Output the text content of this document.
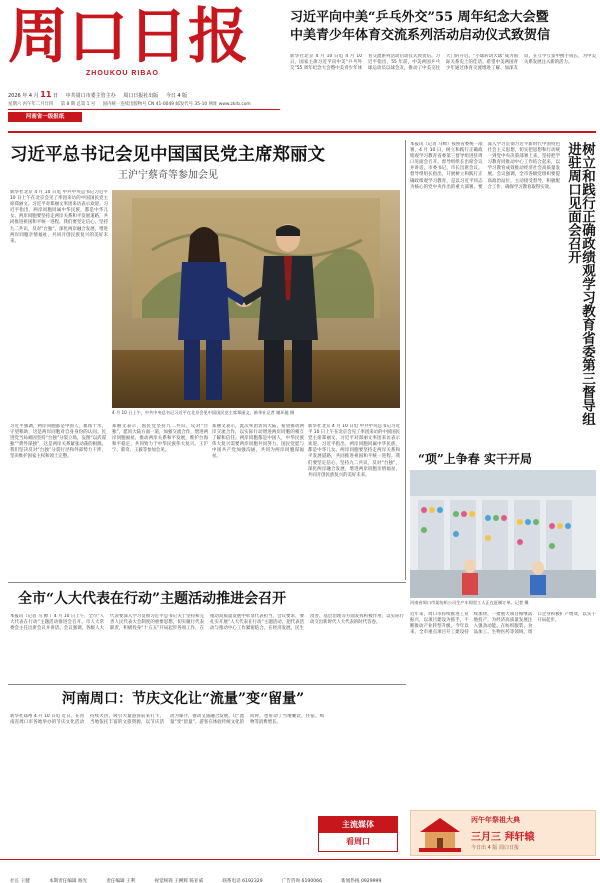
周口日报
ZHOUKOU RIBAO
2026 年 4 月 11 日 中共周口市委主管主办 周口日报社出版 今日 4 版
星期六 丙午年二月廿四 第 8 期 总第 1 号 国内统一连续出版物号 CN 41-0049 邮发代号 35-10 网址 www.zkrb.com
河南省一级报纸
习近平向中美“乒乓外交”55 周年纪念大会暨
中美青少年体育交流系列活动启动仪式致贺信
新华社北京 4 月 10 日电 4 月 10 日，国家主席习近平向中美“乒乓外交”55 周年纪念大会暨中美青少年体育交流系列活动启动仪式致贺信。习近平指出，55 年前，中美两国乒乓球运动员以球会友，推动了中美交往大门的开启。“小球转动大球”成为国际关系史上的佳话。希望中美两国青少年通过体育交流增进了解、加深友谊，在互学互鉴中携手成长，为中美关系发展注入新的活力。
习近平总书记会见中国国民党主席郑丽文
王沪宁蔡奇等参加会见
新华社北京 4 月 10 日电 中共中央总书记习近平 10 日上午在北京会见了率团来访的中国国民党主席郑丽文。习近平对郑丽文率团来访表示欢迎。习近平指出，两岸同胞同属中华民族，都是中华儿女。两岸同胞要坚持走两岸关系和平发展道路，共同推进祖国和平统一进程。我们要坚定信心，坚持九二共识，反对“台独”，深化两岸融合发展，增进两岸同胞亲情福祉，共同开创民族复兴的美好未来。
4 月 10 日上午，中共中央总书记习近平在北京会见中国国民党主席郑丽文。新华社记者 谢环驰 摄
习近平强调，两岸同胞都是中国人，血浓于水，守望相助，这是两岸同胞对自身身份的认同。民进党当局顽固坚持“台独”分裂立场，妄图“以武谋独”“倚外谋独”，这是两岸关系紧张动荡的根源。我们坚决反对“台独”分裂行径和外部势力干涉，坚决维护国家主权和领土完整。
郑丽文表示，国民党坚持九二共识、反对“台独”，愿同大陆方面一道，加强交流合作，增进两岸同胞福祉，推动两岸关系和平发展，维护台海和平稳定，共同致力于中华民族伟大复兴。王沪宁、蔡奇、王毅等参加会见。
郑丽文表示，此次率团访问大陆，希望推动两岸交流合作，以实际行动增进两岸同胞的相互了解和信任。两岸同胞都是中国人，中华民族伟大复兴需要两岸同胞共同努力。国民党愿与中国共产党加强沟通，共同为两岸同胞谋福祉。
新华社北京 4 月 10 日电 中共中央总书记习近平 10 日上午在北京会见了率团来访的中国国民党主席郑丽文。习近平对郑丽文率团来访表示欢迎。习近平指出，两岸同胞同属中华民族，都是中华儿女。两岸同胞要坚持走两岸关系和平发展道路，共同推进祖国和平统一进程。我们要坚定信心，坚持九二共识，反对“台独”，深化两岸融合发展，增进两岸同胞亲情福祉，共同开创民族复兴的美好未来。
本报讯（记者 马帅）按照省委统一部署，4 月 10 日，树立和践行正确政绩观学习教育省委第三督导组进驻周口见面会召开。督导组组长出席会议并讲话，市委书记、市长出席会议。督导组组长指出，开展树立和践行正确政绩观学习教育，是以习近平同志为核心的党中央作出的重大部署。要深入学习贯彻习近平新时代中国特色社会主义思想，切实把思想和行动统一到党中央决策部署上来，坚持把学习教育同推动中心工作结合起来，以学习教育成效推动经济社会高质量发展。会议强调，全市各级党组织要提高政治站位，主动接受督导，积极配合工作，确保学习教育取得实效。	树立和践行正确政绩观学习教育省委第三督导组进驻周口见面会召开
“项”上争春 实干开局
河南省周口市某纺织公司生产车间里工人正在赶制订单。记者 摄
全市“人大代表在行动”主题活动推进会召开
本报讯（记者 马 帅 ）4 月 10 日上午，全市“人大代表在行动”主题活动推进会召开。市人大常委会主任出席会议并讲话。会议强调，各级人大代表要深入学习贯彻习近平总书记关于坚持和完善人民代表大会制度的重要思想，切实履行代表职责，积极投身“十五五”开局起步各项工作，在推动高质量发展中彰显代表担当。会议要求，要扎实开展“人大代表在行动”主题活动，把代表活动与推动中心工作紧密结合，在经济发展、民生改善、基层治理等方面发挥积极作用，以实际行动交出新时代人大代表的时代答卷。
河南周口：节庆文化让“流量”变“留量”
新华社郑州 4 月 10 日电 近日，在河南省周口市各地举办的节庆文化活动持续火热，吸引大量游客前来打卡。当地依托丰富的文旅资源，以节庆活动为媒介，推动文旅融合发展，让“流量”变“留量”。游客在体验传统文化的同时，也带动了当地餐饮、住宿、购物等消费增长。
主流媒体
看周口
近年来，周口市持续推进工业振兴，以项目建设为抓手，不断推动产业转型升级。今年以来，全市重点项目开工建设持续加快，一批重大项目相继落地投产，为经济高质量发展注入强劲动能。在纺织服装、食品加工、生物医药等领域，周口企业积极扩产增效，以实干开局起步。
丙午年祭祖大典
三月三 拜轩辕
今日出 4 版 周口日报
社长 王健	本期责任编辑 杨光	责任编辑 王利	视觉统筹 王柳辉 陈亚威	联系电话 6192329	广告咨询 6190066	新闻热线 0929999
